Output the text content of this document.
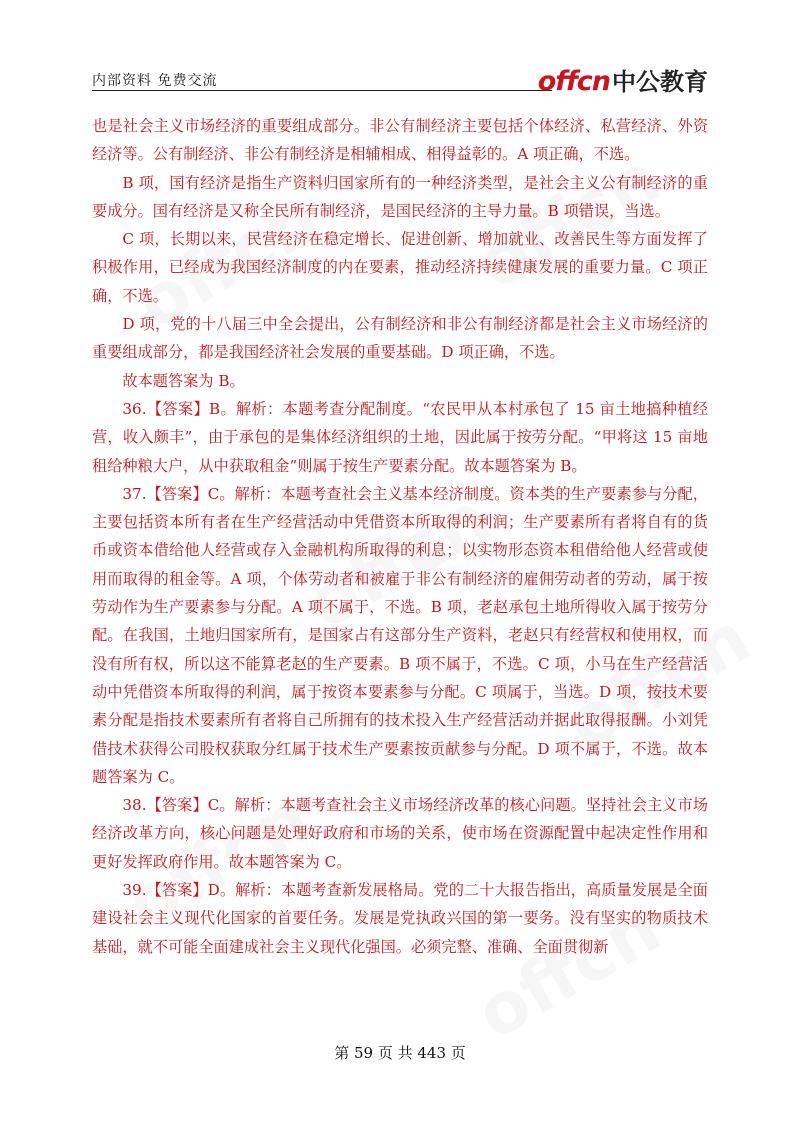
内部资料 免费交流	offcn中公教育

也是社会主义市场经济的重要组成部分。非公有制经济主要包括个体经济、私营经济、外资经济等。公有制经济、非公有制经济是相辅相成、相得益彰的。A 项正确，不选。

B 项，国有经济是指生产资料归国家所有的一种经济类型，是社会主义公有制经济的重要成分。国有经济是又称全民所有制经济，是国民经济的主导力量。B 项错误，当选。

C 项，长期以来，民营经济在稳定增长、促进创新、增加就业、改善民生等方面发挥了积极作用，已经成为我国经济制度的内在要素，推动经济持续健康发展的重要力量。C 项正确，不选。

D 项，党的十八届三中全会提出，公有制经济和非公有制经济都是社会主义市场经济的重要组成部分，都是我国经济社会发展的重要基础。D 项正确，不选。

故本题答案为 B。

36.【答案】B。解析：本题考查分配制度。“农民甲从本村承包了 15 亩土地搞种植经营，收入颇丰”，由于承包的是集体经济组织的土地，因此属于按劳分配。“甲将这 15 亩地租给种粮大户，从中获取租金”则属于按生产要素分配。故本题答案为 B。

37.【答案】C。解析：本题考查社会主义基本经济制度。资本类的生产要素参与分配，主要包括资本所有者在生产经营活动中凭借资本所取得的利润；生产要素所有者将自有的货币或资本借给他人经营或存入金融机构所取得的利息；以实物形态资本租借给他人经营或使用而取得的租金等。A 项，个体劳动者和被雇于非公有制经济的雇佣劳动者的劳动，属于按劳动作为生产要素参与分配。A 项不属于，不选。B 项，老赵承包土地所得收入属于按劳分配。在我国，土地归国家所有，是国家占有这部分生产资料，老赵只有经营权和使用权，而没有所有权，所以这不能算老赵的生产要素。B 项不属于，不选。C 项，小马在生产经营活动中凭借资本所取得的利润，属于按资本要素参与分配。C 项属于，当选。D 项，按技术要素分配是指技术要素所有者将自己所拥有的技术投入生产经营活动并据此取得报酬。小刘凭借技术获得公司股权获取分红属于技术生产要素按贡献参与分配。D 项不属于，不选。故本题答案为 C。

38.【答案】C。解析：本题考查社会主义市场经济改革的核心问题。坚持社会主义市场经济改革方向，核心问题是处理好政府和市场的关系，使市场在资源配置中起决定性作用和更好发挥政府作用。故本题答案为 C。

39.【答案】D。解析：本题考查新发展格局。党的二十大报告指出，高质量发展是全面建设社会主义现代化国家的首要任务。发展是党执政兴国的第一要务。没有坚实的物质技术基础，就不可能全面建成社会主义现代化强国。必须完整、准确、全面贯彻新

第 59 页 共 443 页
